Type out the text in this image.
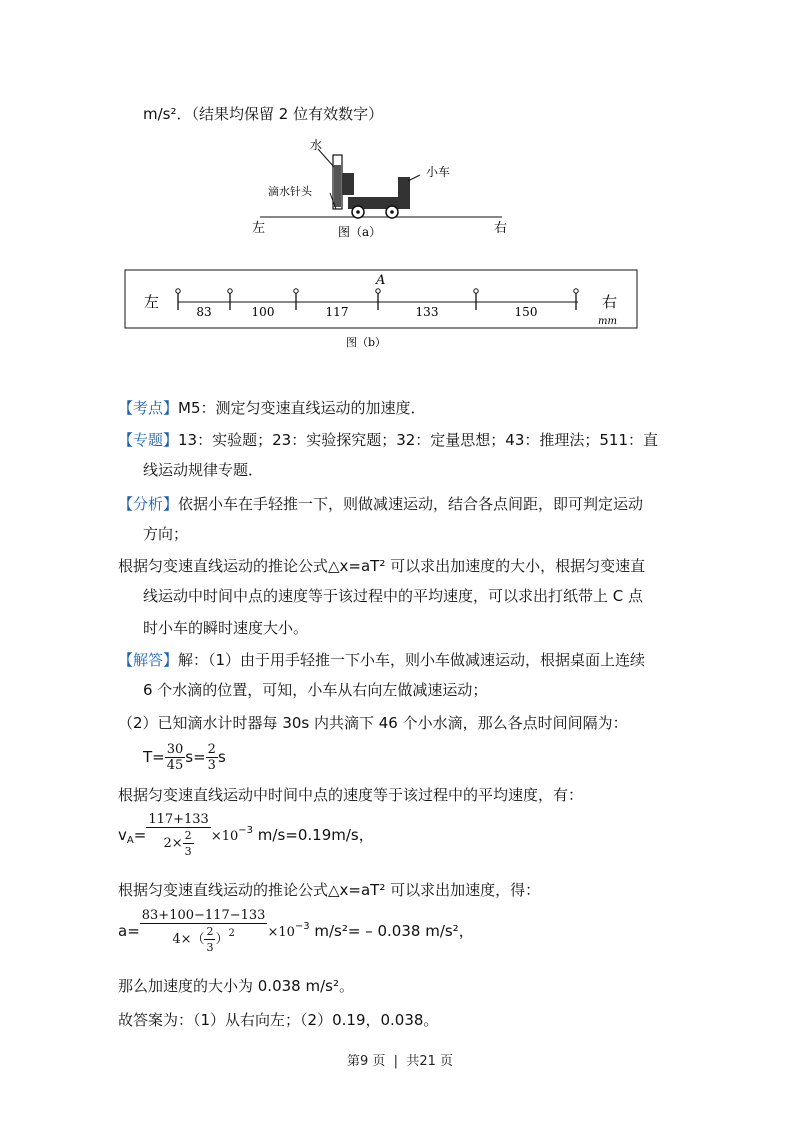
m/s²．（结果均保留 2 位有效数字）
水
小车
滴水针头
左	右
图（a）
83	100	117	133	150
左	右
A
mm
图（b）
【考点】M5：测定匀变速直线运动的加速度．
【专题】13：实验题；23：实验探究题；32：定量思想；43：推理法；511：直
线运动规律专题．
【分析】依据小车在手轻推一下，则做减速运动，结合各点间距，即可判定运动
方向；
根据匀变速直线运动的推论公式△x=aT² 可以求出加速度的大小，根据匀变速直
线运动中时间中点的速度等于该过程中的平均速度，可以求出打纸带上 C 点
时小车的瞬时速度大小。
【解答】解：（1）由于用手轻推一下小车，则小车做减速运动，根据桌面上连续
6 个水滴的位置，可知，小车从右向左做减速运动；
（2）已知滴水计时器每 30s 内共滴下 46 个小水滴，那么各点时间间隔为：
$T= \frac{30}{45} s= \frac{2}{3}$ s
根据匀变速直线运动中时间中点的速度等于该过程中的平均速度，有：
$v_A= \frac{117+133}{2\times \frac{2}{3}} \times 10^{-3}$ m/s=0.19m/s，
根据匀变速直线运动的推论公式△x=aT² 可以求出加速度，得：
$a= \frac{83+100-117-133}{4\times( \frac{2}{3} )^2} \times 10^{-3}$ m/s²= – 0.038 m/s²，
那么加速度的大小为 0.038 m/s²。
故答案为：（1）从右向左；（2）0.19，0.038。
第9 页 | 共21 页
